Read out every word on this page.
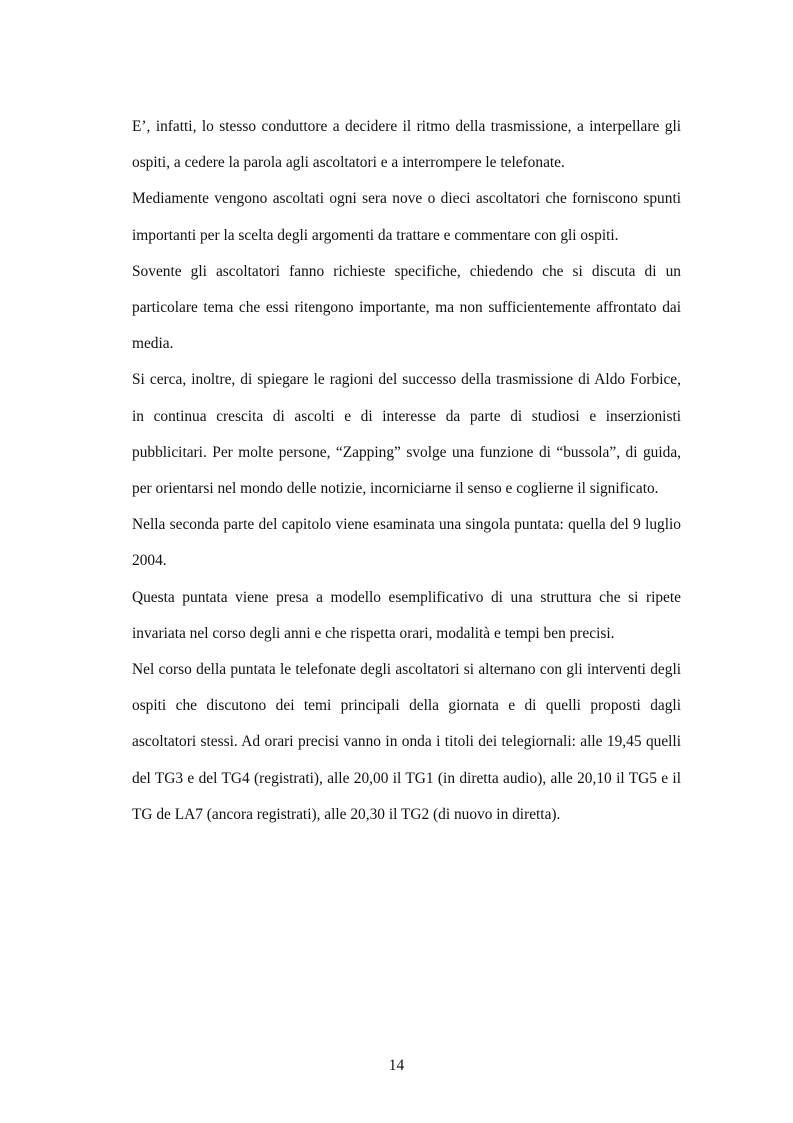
E’, infatti, lo stesso conduttore a decidere il ritmo della trasmissione, a interpellare gli ospiti, a cedere la parola agli ascoltatori e a interrompere le telefonate.

Mediamente vengono ascoltati ogni sera nove o dieci ascoltatori che forniscono spunti importanti per la scelta degli argomenti da trattare e commentare con gli ospiti.

Sovente gli ascoltatori fanno richieste specifiche, chiedendo che si discuta di un particolare tema che essi ritengono importante, ma non sufficientemente affrontato dai media.

Si cerca, inoltre, di spiegare le ragioni del successo della trasmissione di Aldo Forbice, in continua crescita di ascolti e di interesse da parte di studiosi e inserzionisti pubblicitari. Per molte persone, “Zapping” svolge una funzione di “bussola”, di guida, per orientarsi nel mondo delle notizie, incorniciarne il senso e coglierne il significato.

Nella seconda parte del capitolo viene esaminata una singola puntata: quella del 9 luglio 2004.

Questa puntata viene presa a modello esemplificativo di una struttura che si ripete invariata nel corso degli anni e che rispetta orari, modalità e tempi ben precisi.

Nel corso della puntata le telefonate degli ascoltatori si alternano con gli interventi degli ospiti che discutono dei temi principali della giornata e di quelli proposti dagli ascoltatori stessi. Ad orari precisi vanno in onda i titoli dei telegiornali: alle 19,45 quelli del TG3 e del TG4 (registrati), alle 20,00 il TG1 (in diretta audio), alle 20,10 il TG5 e il TG de LA7 (ancora registrati), alle 20,30 il TG2 (di nuovo in diretta).

14
